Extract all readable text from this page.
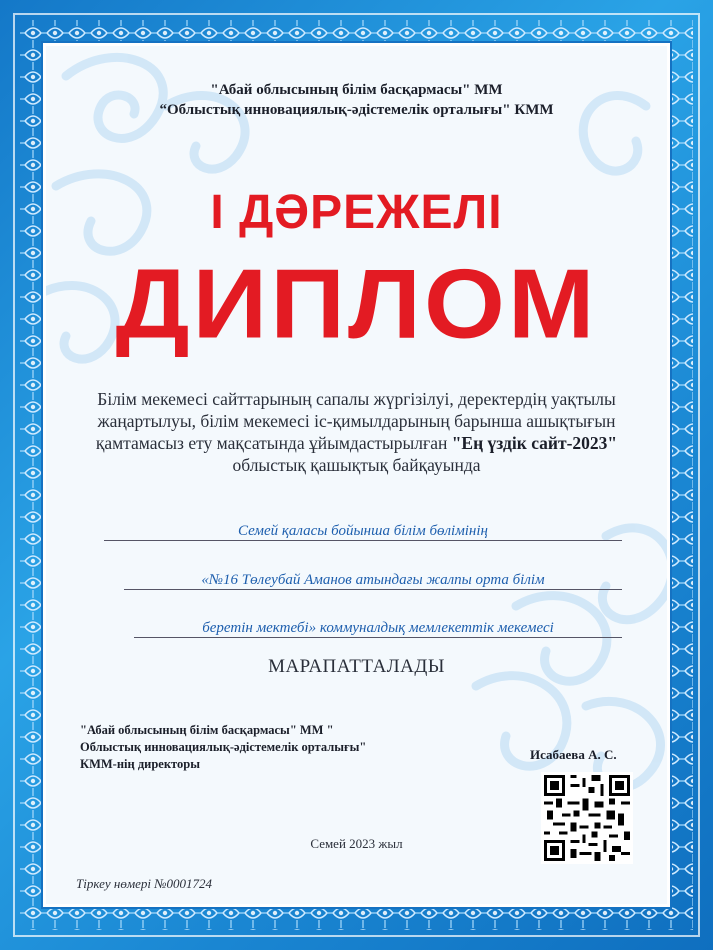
"Абай облысының білім басқармасы" ММ
“Облыстық инновациялық-әдістемелік орталығы" КММ
І ДӘРЕЖЕЛІ
ДИПЛОМ
Білім мекемесі сайттарының сапалы жүргізілуі, деректердің уақтылы жаңартылуы, білім мекемесі іс-қимылдарының барынша ашықтығын қамтамасыз ету мақсатында ұйымдастырылған "Ең үздік сайт-2023" облыстық қашықтық байқауында
Семей қаласы бойынша білім бөлімінің
«№16 Төлеубай Аманов атындағы жалпы орта білім
беретін мектебі» коммуналдық мемлекеттік мекемесі
МАРАПАТТАЛАДЫ
"Абай облысының білім басқармасы" ММ "
Облыстық инновациялық-әдістемелік орталығы"
КММ-нің директоры
Исабаева А. С.
Семей 2023 жыл
Тіркеу нөмері №0001724
